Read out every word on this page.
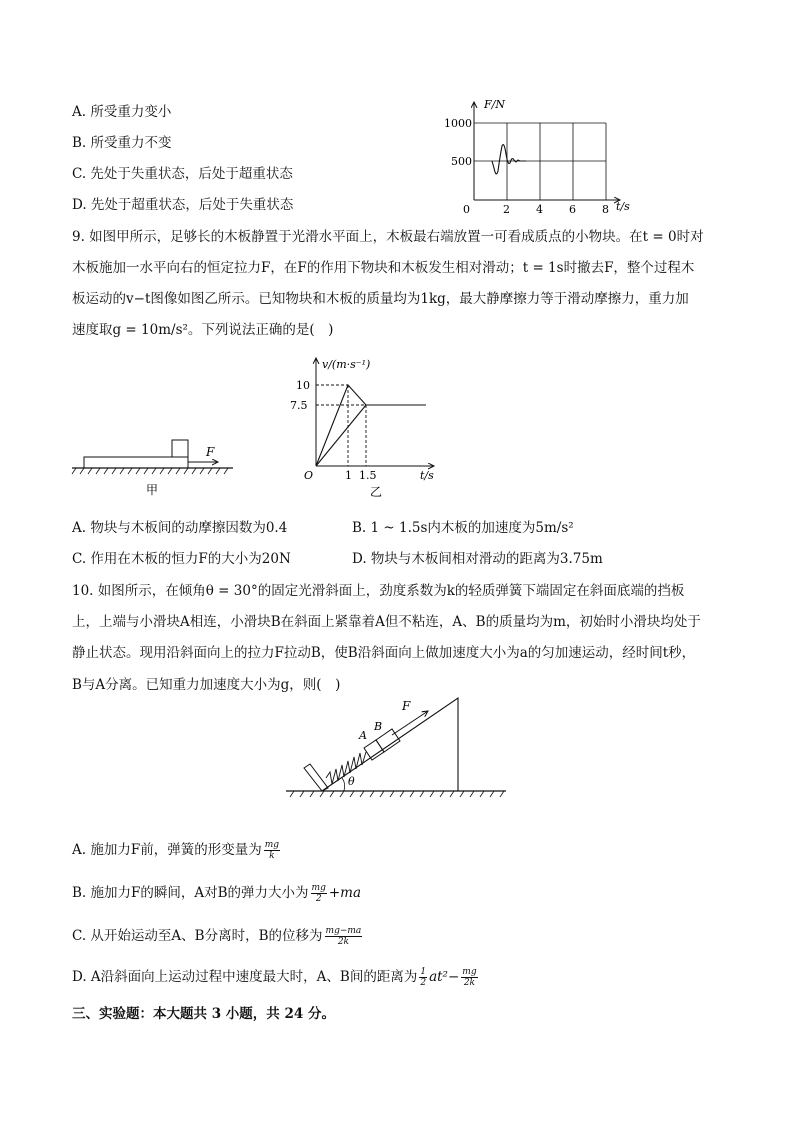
A. 所受重力变小
B. 所受重力不变
C. 先处于失重状态，后处于超重状态
D. 先处于超重状态，后处于失重状态
F/N
1000
500
0	2 4 6 8 t/s
9. 如图甲所示，足够长的木板静置于光滑水平面上，木板最右端放置一可看成质点的小物块。在t = 0时对
木板施加一水平向右的恒定拉力F，在F的作用下物块和木板发生相对滑动；t = 1s时撤去F，整个过程木
板运动的v−t图像如图乙所示。已知物块和木板的质量均为1kg，最大静摩擦力等于滑动摩擦力，重力加
速度取g = 10m/s²。下列说法正确的是(　)
F
甲
v/(m·s⁻¹)
10
7.5
O	1 1.5	t/s
乙
A. 物块与木板间的动摩擦因数为0.4	B. 1 ~ 1.5s内木板的加速度为5m/s²
C. 作用在木板的恒力F的大小为20N	D. 物块与木板间相对滑动的距离为3.75m
10. 如图所示，在倾角θ = 30°的固定光滑斜面上，劲度系数为k的轻质弹簧下端固定在斜面底端的挡板
上，上端与小滑块A相连，小滑块B在斜面上紧靠着A但不粘连，A、B的质量均为m，初始时小滑块均处于
静止状态。现用沿斜面向上的拉力F拉动B，使B沿斜面向上做加速度大小为a的匀加速运动，经时间t秒，
B与A分离。已知重力加速度大小为g，则(　)
F
A
B
θ
A. 施加力F前，弹簧的形变量为 $\frac{mg}{k}$
B. 施加力F的瞬间，A对B的弹力大小为 $\frac{mg}{2} +ma$
C. 从开始运动至A、B分离时，B的位移为 $\frac{mg-ma}{2k}$
D. A沿斜面向上运动过程中速度最大时，A、B间的距离为 $\frac{1}{2} at^2- \frac{mg}{2k}$
三、实验题：本大题共 3 小题，共 24 分。
